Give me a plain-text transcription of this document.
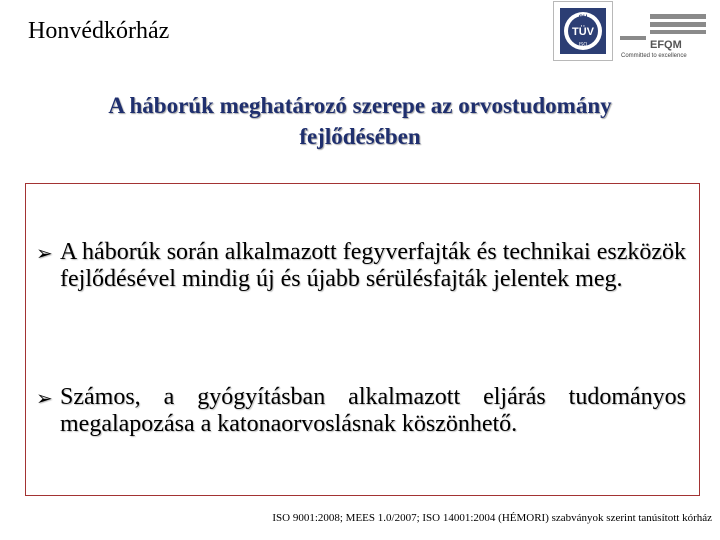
Honvédkórház	CH
TÜV
ISO	EFQM
Committed to excellence
A háborúk meghatározó szerepe az orvostudomány
fejlődésében
➢ A háborúk során alkalmazott fegyverfajták és technikai eszközök fejlődésével mindig új és újabb sérülésfajták jelentek meg.
➢ Számos, a gyógyításban alkalmazott eljárás tudományos megalapozása a katonaorvoslásnak köszönhető.
ISO 9001:2008; MEES 1.0/2007; ISO 14001:2004 (HÉMORI) szabványok szerint tanúsított kórház
